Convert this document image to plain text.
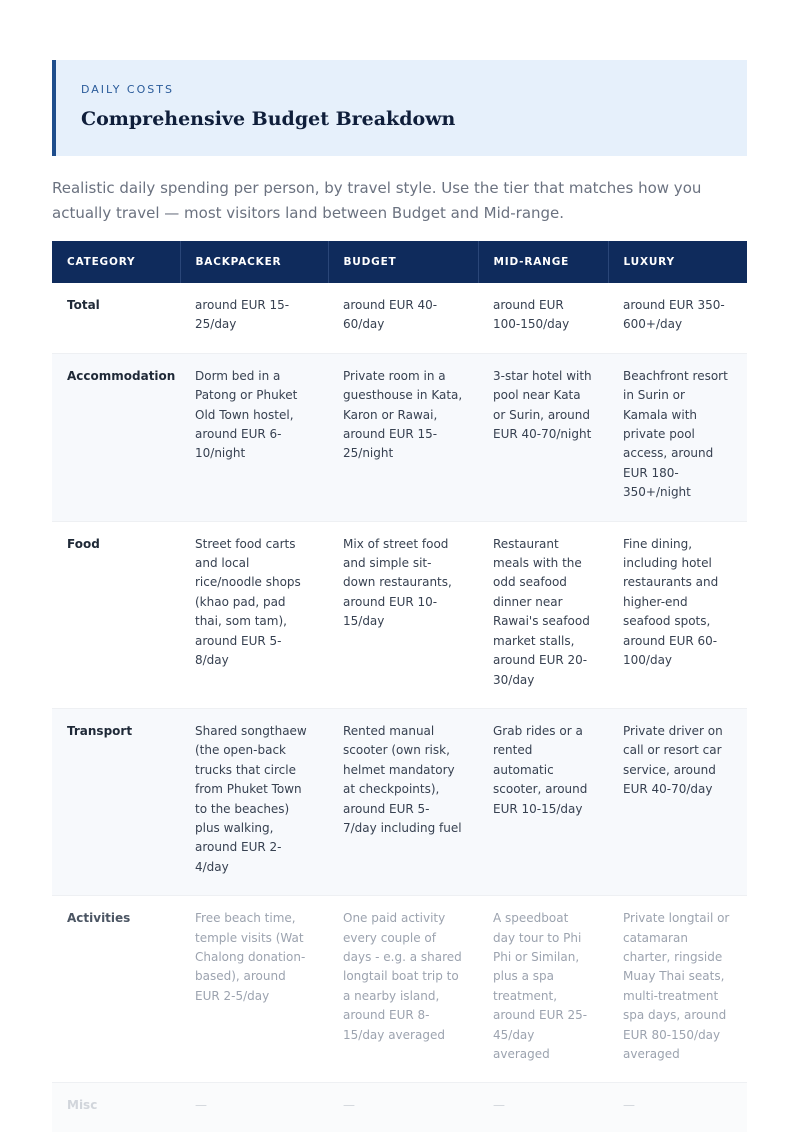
DAILY COSTS
Comprehensive Budget Breakdown

Realistic daily spending per person, by travel style. Use the tier that matches how you actually travel — most visitors land between Budget and Mid-range.

CATEGORY	BACKPACKER	BUDGET	MID-RANGE	LUXURY
Total	around EUR 15-25/day	around EUR 40-60/day	around EUR 100-150/day	around EUR 350-600+/day
Accommodation	Dorm bed in a Patong or Phuket Old Town hostel, around EUR 6-10/night	Private room in a guesthouse in Kata, Karon or Rawai, around EUR 15-25/night	3-star hotel with pool near Kata or Surin, around EUR 40-70/night	Beachfront resort in Surin or Kamala with private pool access, around EUR 180-350+/night
Food	Street food carts and local rice/noodle shops (khao pad, pad thai, som tam), around EUR 5-8/day	Mix of street food and simple sit-down restaurants, around EUR 10-15/day	Restaurant meals with the odd seafood dinner near Rawai's seafood market stalls, around EUR 20-30/day	Fine dining, including hotel restaurants and higher-end seafood spots, around EUR 60-100/day
Transport	Shared songthaew (the open-back trucks that circle from Phuket Town to the beaches) plus walking, around EUR 2-4/day	Rented manual scooter (own risk, helmet mandatory at checkpoints), around EUR 5-7/day including fuel	Grab rides or a rented automatic scooter, around EUR 10-15/day	Private driver on call or resort car service, around EUR 40-70/day
Activities	Free beach time, temple visits (Wat Chalong donation-based), around EUR 2-5/day	One paid activity every couple of days - e.g. a shared longtail boat trip to a nearby island, around EUR 8-15/day averaged	A speedboat day tour to Phi Phi or Similan, plus a spa treatment, around EUR 25-45/day averaged	Private longtail or catamaran charter, ringside Muay Thai seats, multi-treatment spa days, around EUR 80-150/day averaged
Misc	—	—	—	—
